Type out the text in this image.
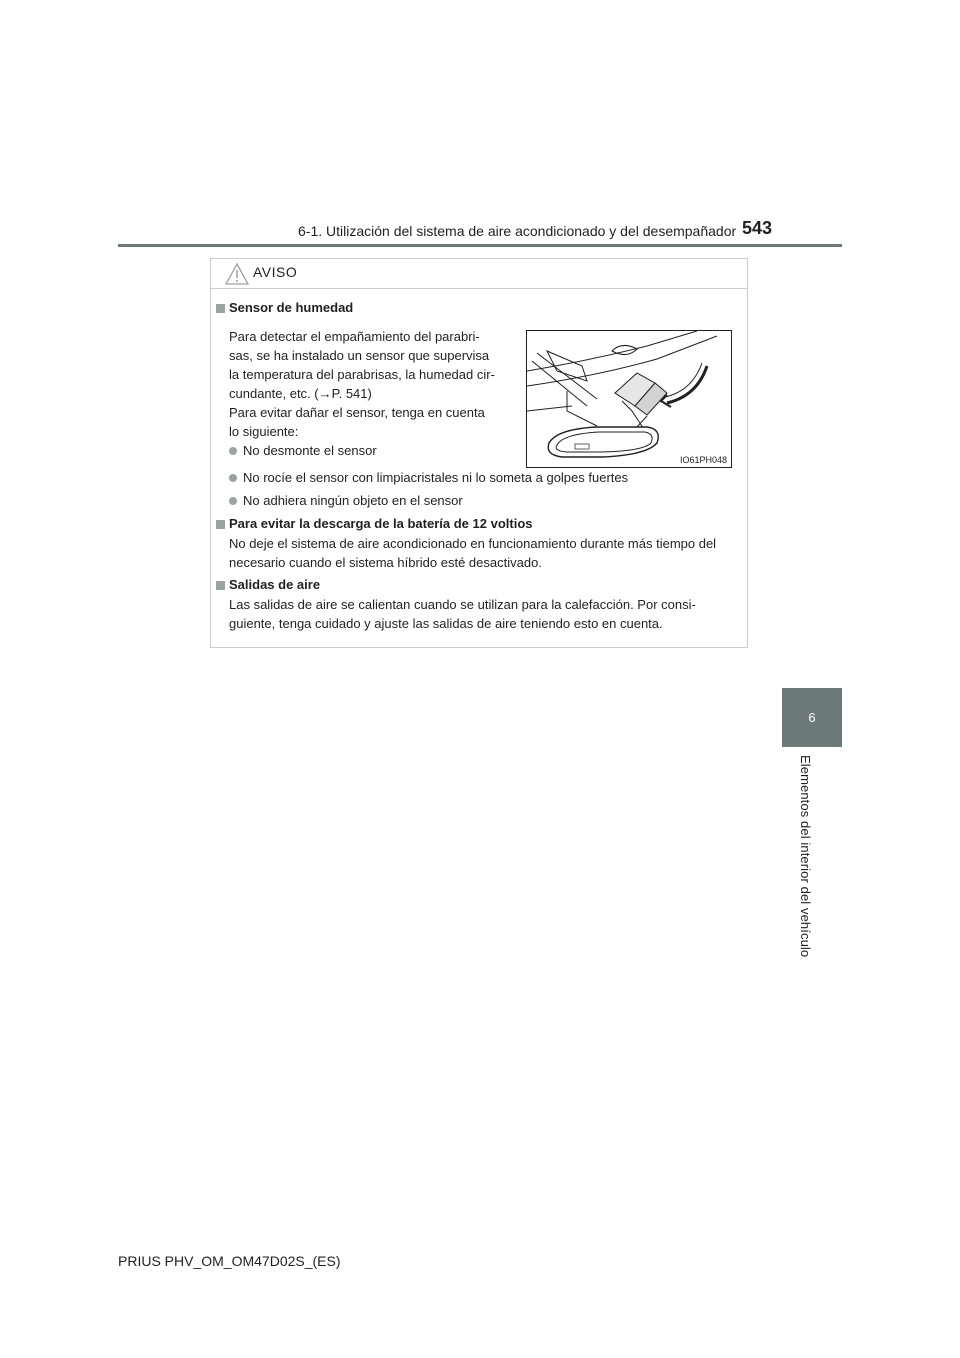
6-1. Utilización del sistema de aire acondicionado y del desempañador 543
6
Elementos del interior del vehículo
AVISO
Sensor de humedad
Para detectar el empañamiento del parabri-
sas, se ha instalado un sensor que supervisa
la temperatura del parabrisas, la humedad cir-
cundante, etc. (→P. 541)
Para evitar dañar el sensor, tenga en cuenta
lo siguiente:
No desmonte el sensor
No rocíe el sensor con limpiacristales ni lo someta a golpes fuertes
No adhiera ningún objeto en el sensor
IO61PH048
Para evitar la descarga de la batería de 12 voltios
No deje el sistema de aire acondicionado en funcionamiento durante más tiempo del
necesario cuando el sistema híbrido esté desactivado.
Salidas de aire
Las salidas de aire se calientan cuando se utilizan para la calefacción. Por consi-
guiente, tenga cuidado y ajuste las salidas de aire teniendo esto en cuenta.
PRIUS PHV_OM_OM47D02S_(ES)
